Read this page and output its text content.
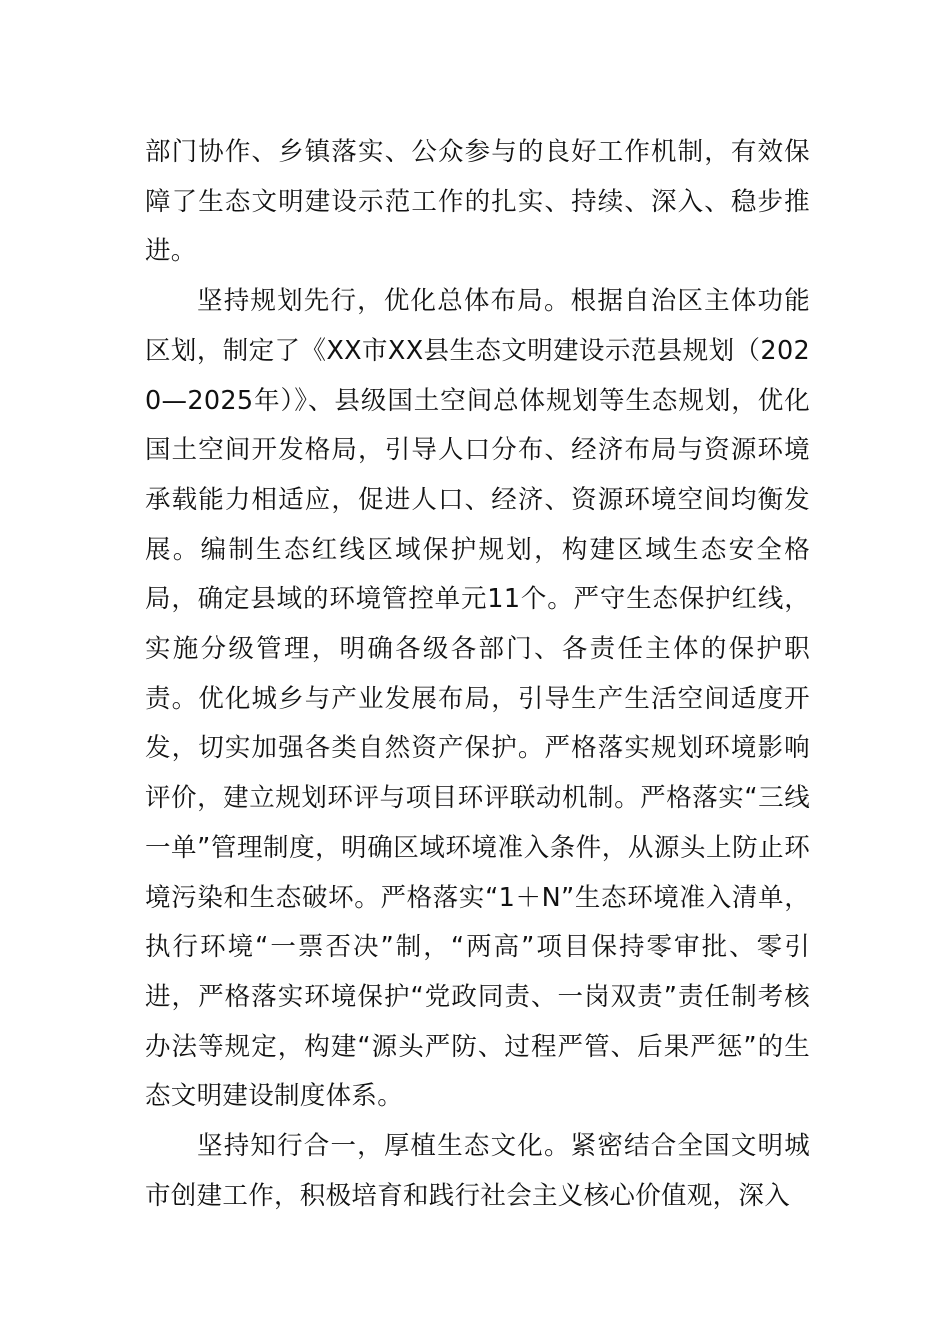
部门协作、乡镇落实、公众参与的良好工作机制，有效保障了生态文明建设示范工作的扎实、持续、深入、稳步推进。

坚持规划先行，优化总体布局。根据自治区主体功能区划，制定了《XX市XX县生态文明建设示范县规划（2020—2025年）》、县级国土空间总体规划等生态规划，优化国土空间开发格局，引导人口分布、经济布局与资源环境承载能力相适应，促进人口、经济、资源环境空间均衡发展。编制生态红线区域保护规划，构建区域生态安全格局，确定县域的环境管控单元11个。严守生态保护红线，实施分级管理，明确各级各部门、各责任主体的保护职责。优化城乡与产业发展布局，引导生产生活空间适度开发，切实加强各类自然资产保护。严格落实规划环境影响评价，建立规划环评与项目环评联动机制。严格落实“三线一单”管理制度，明确区域环境准入条件，从源头上防止环境污染和生态破坏。严格落实“1＋N”生态环境准入清单，执行环境“一票否决”制，“两高”项目保持零审批、零引进，严格落实环境保护“党政同责、一岗双责”责任制考核办法等规定，构建“源头严防、过程严管、后果严惩”的生态文明建设制度体系。

坚持知行合一，厚植生态文化。紧密结合全国文明城市创建工作，积极培育和践行社会主义核心价值观，深入
